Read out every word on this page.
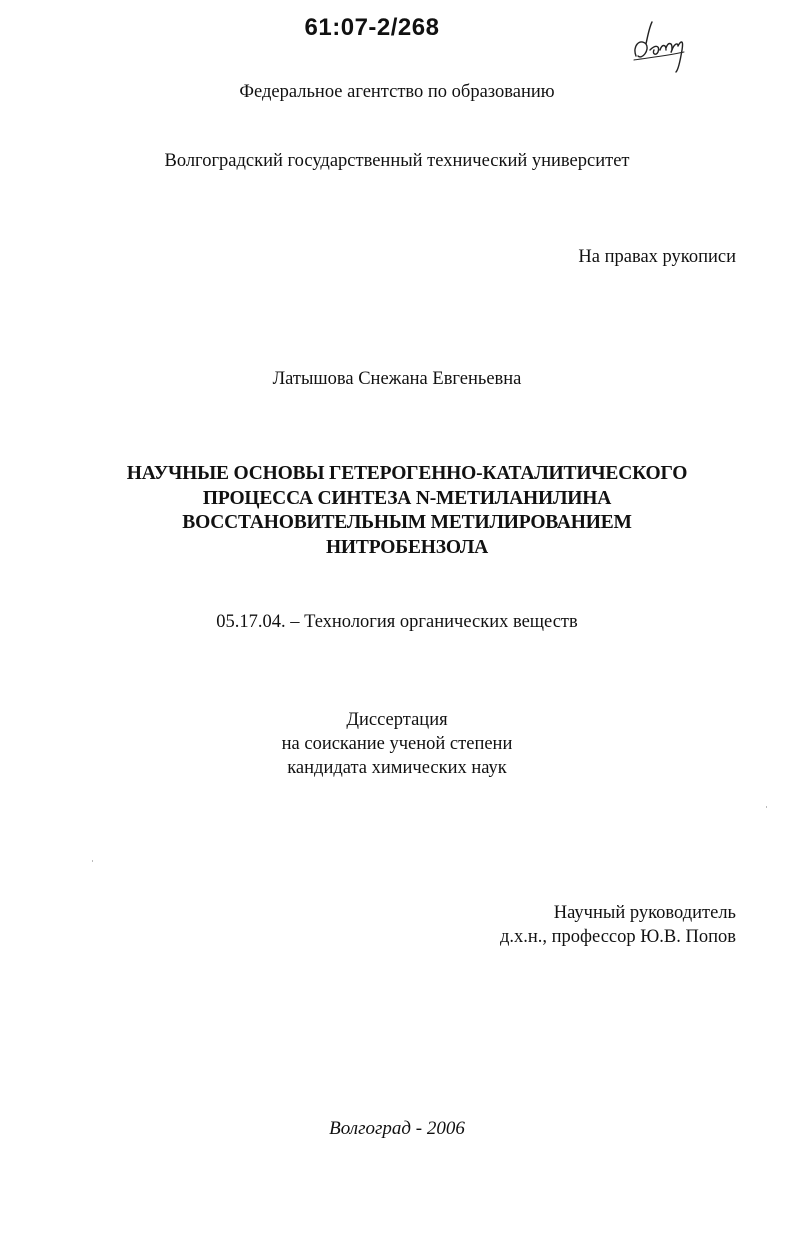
61:07-2/268
Федеральное агентство по образованию
Волгоградский государственный технический университет
На правах рукописи
Латышова Снежана Евгеньевна
НАУЧНЫЕ ОСНОВЫ ГЕТЕРОГЕННО-КАТАЛИТИЧЕСКОГО
ПРОЦЕССА СИНТЕЗА N-МЕТИЛАНИЛИНА
ВОССТАНОВИТЕЛЬНЫМ МЕТИЛИРОВАНИЕМ
НИТРОБЕНЗОЛА
05.17.04. – Технология органических веществ
Диссертация
на соискание ученой степени
кандидата химических наук
Научный руководитель
д.х.н., профессор Ю.В. Попов
Волгоград - 2006
